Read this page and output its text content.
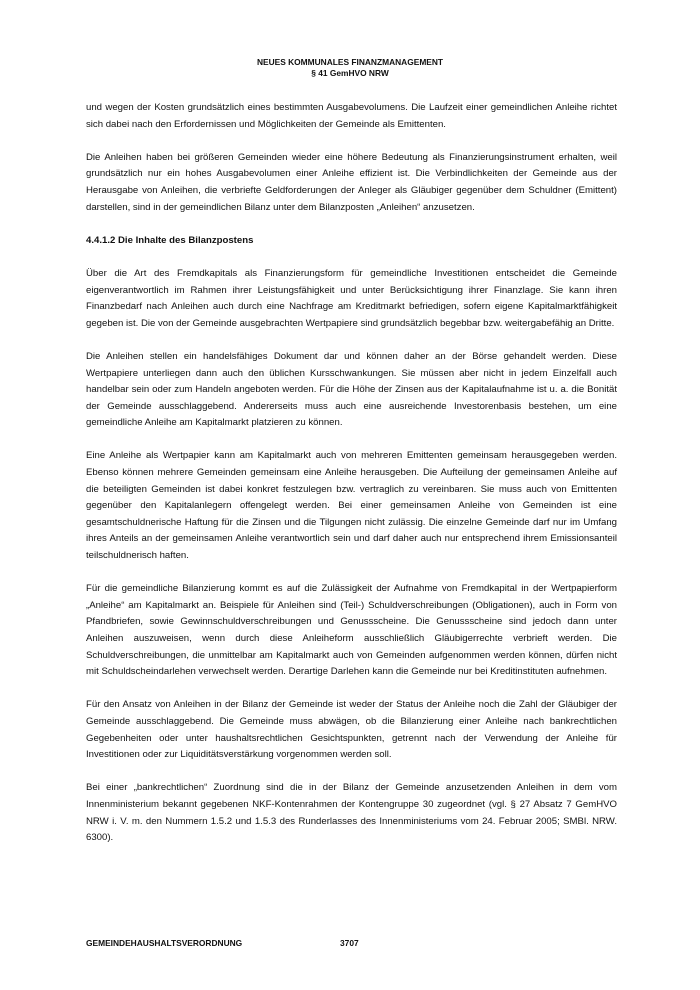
NEUES KOMMUNALES FINANZMANAGEMENT
§ 41 GemHVO NRW

und wegen der Kosten grundsätzlich eines bestimmten Ausgabevolumens. Die Laufzeit einer gemeindlichen Anleihe richtet sich dabei nach den Erfordernissen und Möglichkeiten der Gemeinde als Emittenten.

Die Anleihen haben bei größeren Gemeinden wieder eine höhere Bedeutung als Finanzierungsinstrument erhalten, weil grundsätzlich nur ein hohes Ausgabevolumen einer Anleihe effizient ist. Die Verbindlichkeiten der Gemeinde aus der Herausgabe von Anleihen, die verbriefte Geldforderungen der Anleger als Gläubiger gegenüber dem Schuldner (Emittent) darstellen, sind in der gemeindlichen Bilanz unter dem Bilanzposten „Anleihen“ anzusetzen.

4.4.1.2 Die Inhalte des Bilanzpostens

Über die Art des Fremdkapitals als Finanzierungsform für gemeindliche Investitionen entscheidet die Gemeinde eigenverantwortlich im Rahmen ihrer Leistungsfähigkeit und unter Berücksichtigung ihrer Finanzlage. Sie kann ihren Finanzbedarf nach Anleihen auch durch eine Nachfrage am Kreditmarkt befriedigen, sofern eigene Kapitalmarktfähigkeit gegeben ist. Die von der Gemeinde ausgebrachten Wertpapiere sind grundsätzlich begebbar bzw. weitergabefähig an Dritte.

Die Anleihen stellen ein handelsfähiges Dokument dar und können daher an der Börse gehandelt werden. Diese Wertpapiere unterliegen dann auch den üblichen Kursschwankungen. Sie müssen aber nicht in jedem Einzelfall auch handelbar sein oder zum Handeln angeboten werden. Für die Höhe der Zinsen aus der Kapitalaufnahme ist u. a. die Bonität der Gemeinde ausschlaggebend. Andererseits muss auch eine ausreichende Investorenbasis bestehen, um eine gemeindliche Anleihe am Kapitalmarkt platzieren zu können.

Eine Anleihe als Wertpapier kann am Kapitalmarkt auch von mehreren Emittenten gemeinsam herausgegeben werden. Ebenso können mehrere Gemeinden gemeinsam eine Anleihe herausgeben. Die Aufteilung der gemeinsamen Anleihe auf die beteiligten Gemeinden ist dabei konkret festzulegen bzw. vertraglich zu vereinbaren. Sie muss auch von Emittenten gegenüber den Kapitalanlegern offengelegt werden. Bei einer gemeinsamen Anleihe von Gemeinden ist eine gesamtschuldnerische Haftung für die Zinsen und die Tilgungen nicht zulässig. Die einzelne Gemeinde darf nur im Umfang ihres Anteils an der gemeinsamen Anleihe verantwortlich sein und darf daher auch nur entsprechend ihrem Emissionsanteil teilschuldnerisch haften.

Für die gemeindliche Bilanzierung kommt es auf die Zulässigkeit der Aufnahme von Fremdkapital in der Wertpapierform „Anleihe“ am Kapitalmarkt an. Beispiele für Anleihen sind (Teil-) Schuldverschreibungen (Obligationen), auch in Form von Pfandbriefen, sowie Gewinnschuldverschreibungen und Genussscheine. Die Genussscheine sind jedoch dann unter Anleihen auszuweisen, wenn durch diese Anleiheform ausschließlich Gläubigerrechte verbrieft werden. Die Schuldverschreibungen, die unmittelbar am Kapitalmarkt auch von Gemeinden aufgenommen werden können, dürfen nicht mit Schuldscheindarlehen verwechselt werden. Derartige Darlehen kann die Gemeinde nur bei Kreditinstituten aufnehmen.

Für den Ansatz von Anleihen in der Bilanz der Gemeinde ist weder der Status der Anleihe noch die Zahl der Gläubiger der Gemeinde ausschlaggebend. Die Gemeinde muss abwägen, ob die Bilanzierung einer Anleihe nach bankrechtlichen Gegebenheiten oder unter haushaltsrechtlichen Gesichtspunkten, getrennt nach der Verwendung der Anleihe für Investitionen oder zur Liquiditätsverstärkung vorgenommen werden soll.

Bei einer „bankrechtlichen“ Zuordnung sind die in der Bilanz der Gemeinde anzusetzenden Anleihen in dem vom Innenministerium bekannt gegebenen NKF-Kontenrahmen der Kontengruppe 30 zugeordnet (vgl. § 27 Absatz 7 GemHVO NRW i. V. m. den Nummern 1.5.2 und 1.5.3 des Runderlasses des Innenministeriums vom 24. Februar 2005; SMBl. NRW. 6300).

GEMEINDEHAUSHALTSVERORDNUNG	3707
